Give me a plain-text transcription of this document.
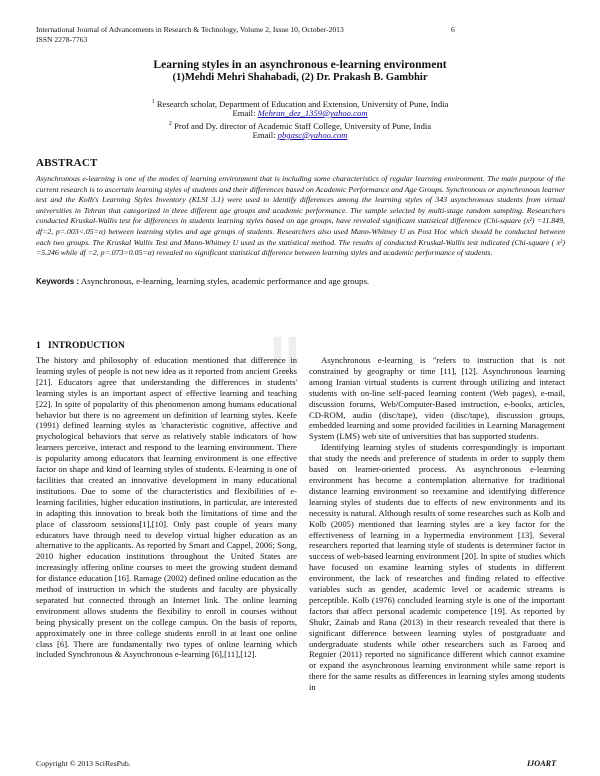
International Journal of Advancements in Research & Technology, Volume 2, Issue 10, October-2013
ISSN 2278-7763
6
Learning styles in an asynchronous e-learning environment
(1)Mehdi Mehri Shahabadi, (2) Dr. Prakash B. Gambhir
$^1$ Research scholar, Department of Education and Extension, University of Pune, India
Email: Mehran_dez_1359@yahoo.com
$^2$ Prof and Dy. director of Academic Staff College, University of Pune, India
Email: pbgasc@yahoo.com
ABSTRACT
Asynchronous e-learning is one of the modes of learning environment that is including some characteristics of regular learning environment. The main purpose of the current research is to ascertain learning styles of students and their differences based on Academic Performance and Age Groups. Synchronous or asynchronous learner test and the Kolb's Learning Styles Inventory (KLSI 3.1) were used to identify differences among the learning styles of 343 asynchronous students from virtual universities in Tehran that categorized in three different age groups and academic performance. The sample selected by multi-stage random sampling. Researchers conducted Kruskal-Wallis test for differences in students learning styles based on age groups, have revealed significant statistical difference (Chi-square (x²) =11.849, df=2, p=.003<.05=α) between learning styles and age groups of students. Researchers also used Mann-Whitney U as Post Hoc which should be conducted between each two groups. The Kruskal Wallis Test and Mann-Whitney U used as the statistical method. The results of conducted Kruskal-Wallis test indicated (Chi-square ( x²) =5.246 while df =2, p=.073>0.05=α) revealed no significant statistical difference between learning styles and academic performance of students.
Keywords : Asynchronous, e-learning, learning styles, academic performance and age groups.
IJ
1 INTRODUCTION

The history and philosophy of education mentioned that difference in learning styles of people is not new idea as it reported from ancient Greeks [21]. Educators agree that understanding the differences in students' learning styles is an important aspect of effective learning and teaching [22]. In spite of popularity of this phenomenon among humans educational behavior but there is no agreement on definition of learning styles. Keefe (1991) defined learning styles as 'characteristic cognitive, affective and psychological behaviors that serve as relatively stable indicators of how learners perceive, interact and respond to the learning environment. There is popularity among educators that learning environment is one effective factor on shape and kind of learning styles of students. E-learning is one of facilities that created an innovative development in many educational institutions. Due to some of the characteristics and flexibilities of e-learning facilities, higher education institutions, in particular, are interested in adapting this innovation to break both the limitations of time and the place of classroom sessions[1],[10]. Only past couple of years many educators have through need to develop virtual higher education as an alternative to the applicants. As reported by Smart and Cappel, 2006; Song, 2010 higher education institutions throughout the United States are increasingly offering online courses to meet the growing student demand for distance education [16]. Ramage (2002) defined online education as the method of instruction in which the students and faculty are physically separated but connected through an Internet link. The online learning environment allows students the flexibility to enroll in courses without being physically present on the college campus. On the basis of reports, approximately one in three college students enroll in at least one online class [6]. There are fundamentally two types of online learning which included Synchronous & Asynchronous e-learning [6],[11],[12].

Asynchronous e-learning is "refers to instruction that is not constrained by geography or time [11], [12]. Asynchronous learning among Iranian virtual students is current through utilizing and interact students with on-line self-paced learning content (Web pages), e-mail, discussion forums, Web/Computer-Based instruction, e-books, articles, CD-ROM, audio (disc/tape), video (disc/tape), discussion groups, embedded learning and some provided facilities in Learning Management System (LMS) web site of universities that has supported students.

Identifying learning styles of students correspondingly is important that study the needs and preference of students in order to supply them based on learner-oriented process. As asynchronous e-learning environment has become a contemplation alternative for traditional distance learning environment so reexamine and identifying difference learning styles of students due to effects of new environments and its necessity is natural. Although results of some researches such as Kolb and Kolb (2005) mentioned that learning styles are a key factor for the effectiveness of learning in a hypermedia environment [13]. Several researchers reported that learning style of students is determiner factor in success of web-based learning environment [20]. In spite of studies which have focused on examine learning styles of students in different environment, the lack of researches and finding related to effective variables such as gender, academic level or academic streams is perceptible. Kolb (1976) concluded learning style is one of the important factors that affect personal academic competence [19]. As reported by Shukr, Zainab and Rana (2013) in their research revealed that there is significant difference between learning styles of postgraduate and undergraduate students while other researchers such as Farooq and Regnier (2011) reported no significance different which cannot examine or expand the asynchronous learning environment while same report is there for the same results as differences in learning styles among students in

Copyright © 2013 SciResPub.	IJOART
